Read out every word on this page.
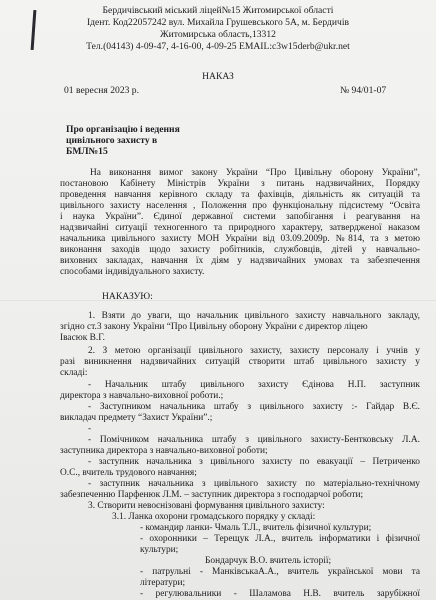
Бердичівський міський ліцей№15 Житомирської області
Ідент. Код22057242 вул. Михайла Грушевського 5А, м. Бердичів
Житомирська область,13312
Тел.(04143) 4-09-47, 4-16-00, 4-09-25 EMAIL:c3w15derb@ukr.net
НАКАЗ
01 вересня 2023 р.	№ 94/01-07
Про організацію і ведення
цивільного захисту в
БМЛ№15
На виконання вимог закону України “Про Цивільну оборону України”,
постановою Кабінету Міністрів України з питань надзвичайних, Порядку
проведення навчання керівного складу та фахівців, діяльність як ситуацій та
цивільного захисту населення , Положення про функціональну підсистему “Освіта
і наука України”. Єдиної державної системи запобігання і реагування на
надзвичайні ситуації техногенного та природного характеру, затвердженої наказом
начальника цивільного захисту МОН України від 03.09.2009р. №814, та з метою
виконання заходів щодо захисту робітників, службовців, дітей у навчально-
виховних закладах, навчання їх діям у надзвичайних умовах та забезпечення
способами індивідуального захисту.
НАКАЗУЮ:
1. Взяти до уваги, що начальник цивільного захисту навчального закладу,
згідно ст.3 закону України “Про Цивільну оборону України є директор ліцею
Івасюк В.Г.
2. З метою організації цивільного захисту, захисту персоналу і учнів у
разі виникнення надзвичайних ситуацій створити штаб цивільного захисту у
складі:
- Начальник штабу цивільного захисту Єдінова Н.П. заступник
директора з навчально-виховної роботи.;
- Заступником начальника штабу з цивільного захисту :- Гайдар В.Є.
викладач предмету “Захист України”.;
-
- Помічником начальника штабу з цивільного захисту-Бентковську Л.А.
заступника директора з навчально-виховної роботи;
- заступник начальника з цивільного захисту по евакуації – Петриченко
О.С., вчитель трудового навчання;
- заступник начальника з цивільного захисту по матеріально-технічному
забезпеченню Парфенюк Л.М. – заступник директора з господарчої роботи;
3. Створити невоєнізовані формування цивільного захисту:
3.1. Ланка охорони громадського порядку у складі:
- командир ланки- Чмаль Т.Л., вчитель фізичної культури;
- охоронники – Терещук Л.А., вчитель інформатики і фізичної
культури;
Бондарчук В.О. вчитель історії;
- патрульні - МанківськаА.А., вчитель української мови та
літератури;
- регулювальники - Шаламова Н.В. вчитель зарубіжної
